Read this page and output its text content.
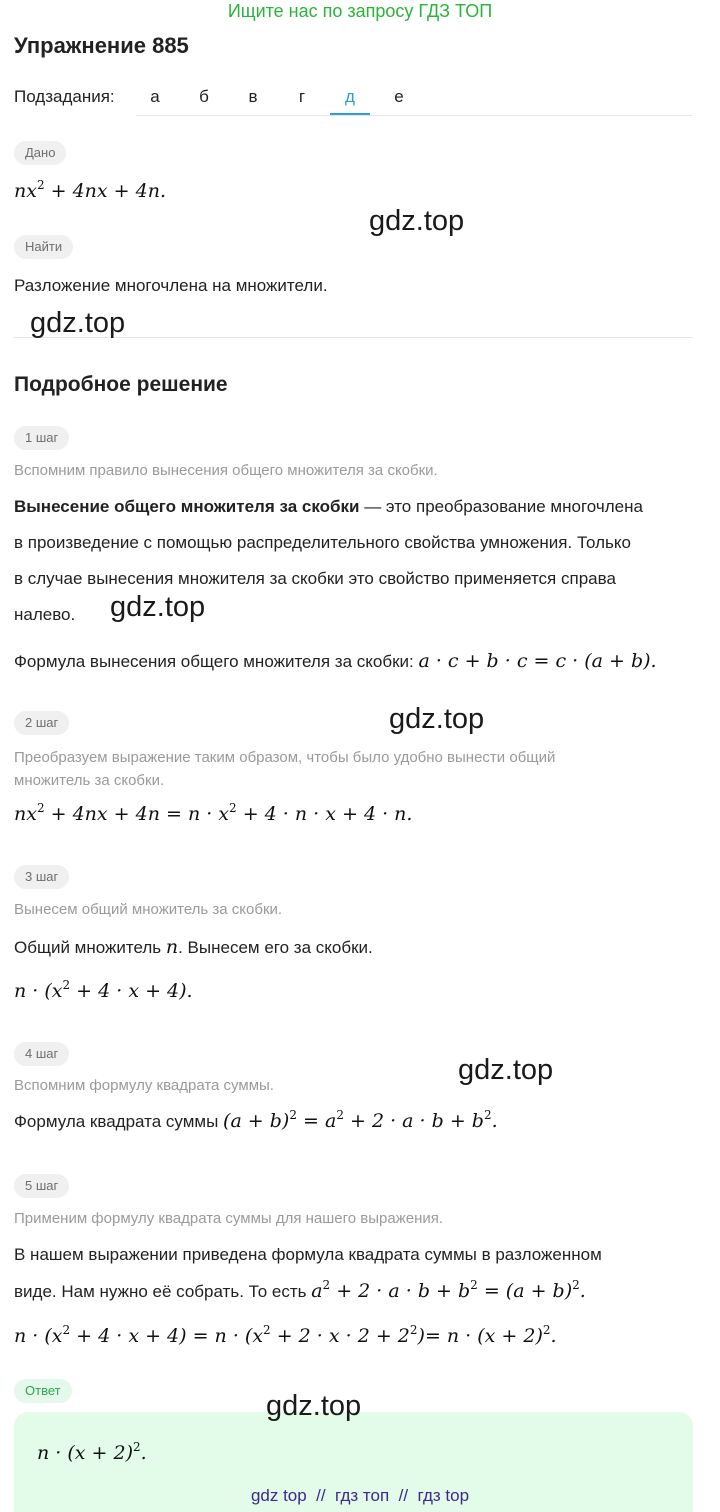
Ищите нас по запросу ГДЗ ТОП
Упражнение 885
Подзадания:	а	б	в	г	д	е
Дано
$nx^2 + 4nx + 4n$.
Найти
Разложение многочлена на множители.
Подробное решение
1 шаг
Вспомним правило вынесения общего множителя за скобки.
Вынесение общего множителя за скобки — это преобразование многочлена
в произведение с помощью распределительного свойства умножения. Только
в случае вынесения множителя за скобки это свойство применяется справа
налево.
Формула вынесения общего множителя за скобки: a · c + b · c = c · (a + b).
2 шаг
Преобразуем выражение таким образом, чтобы было удобно вынести общий
множитель за скобки.
$nx^2 + 4nx + 4n = n \cdot x^2 + 4 \cdot n \cdot x + 4 \cdot n$.
3 шаг
Вынесем общий множитель за скобки.
Общий множитель n. Вынесем его за скобки.
$n \cdot (x^2 + 4 \cdot x + 4)$.
4 шаг
Вспомним формулу квадрата суммы.
Формула квадрата суммы $(a + b)^2 = a^2 + 2 \cdot a \cdot b + b^2$.
5 шаг
Применим формулу квадрата суммы для нашего выражения.
В нашем выражении приведена формула квадрата суммы в разложенном
виде. Нам нужно её собрать. То есть $a^2 + 2 \cdot a \cdot b + b^2 = (a + b)^2$.
$n \cdot (x^2 + 4 \cdot x + 4) = n \cdot (x^2 + 2 \cdot x \cdot 2 + 2^2)= n \cdot (x + 2)^2$.
Ответ
$n \cdot (x + 2)^2$.
gdz.top
gdz.top
gdz.top
gdz.top
gdz.top
gdz.top
gdz top  //  гдз топ  //  гдз top
